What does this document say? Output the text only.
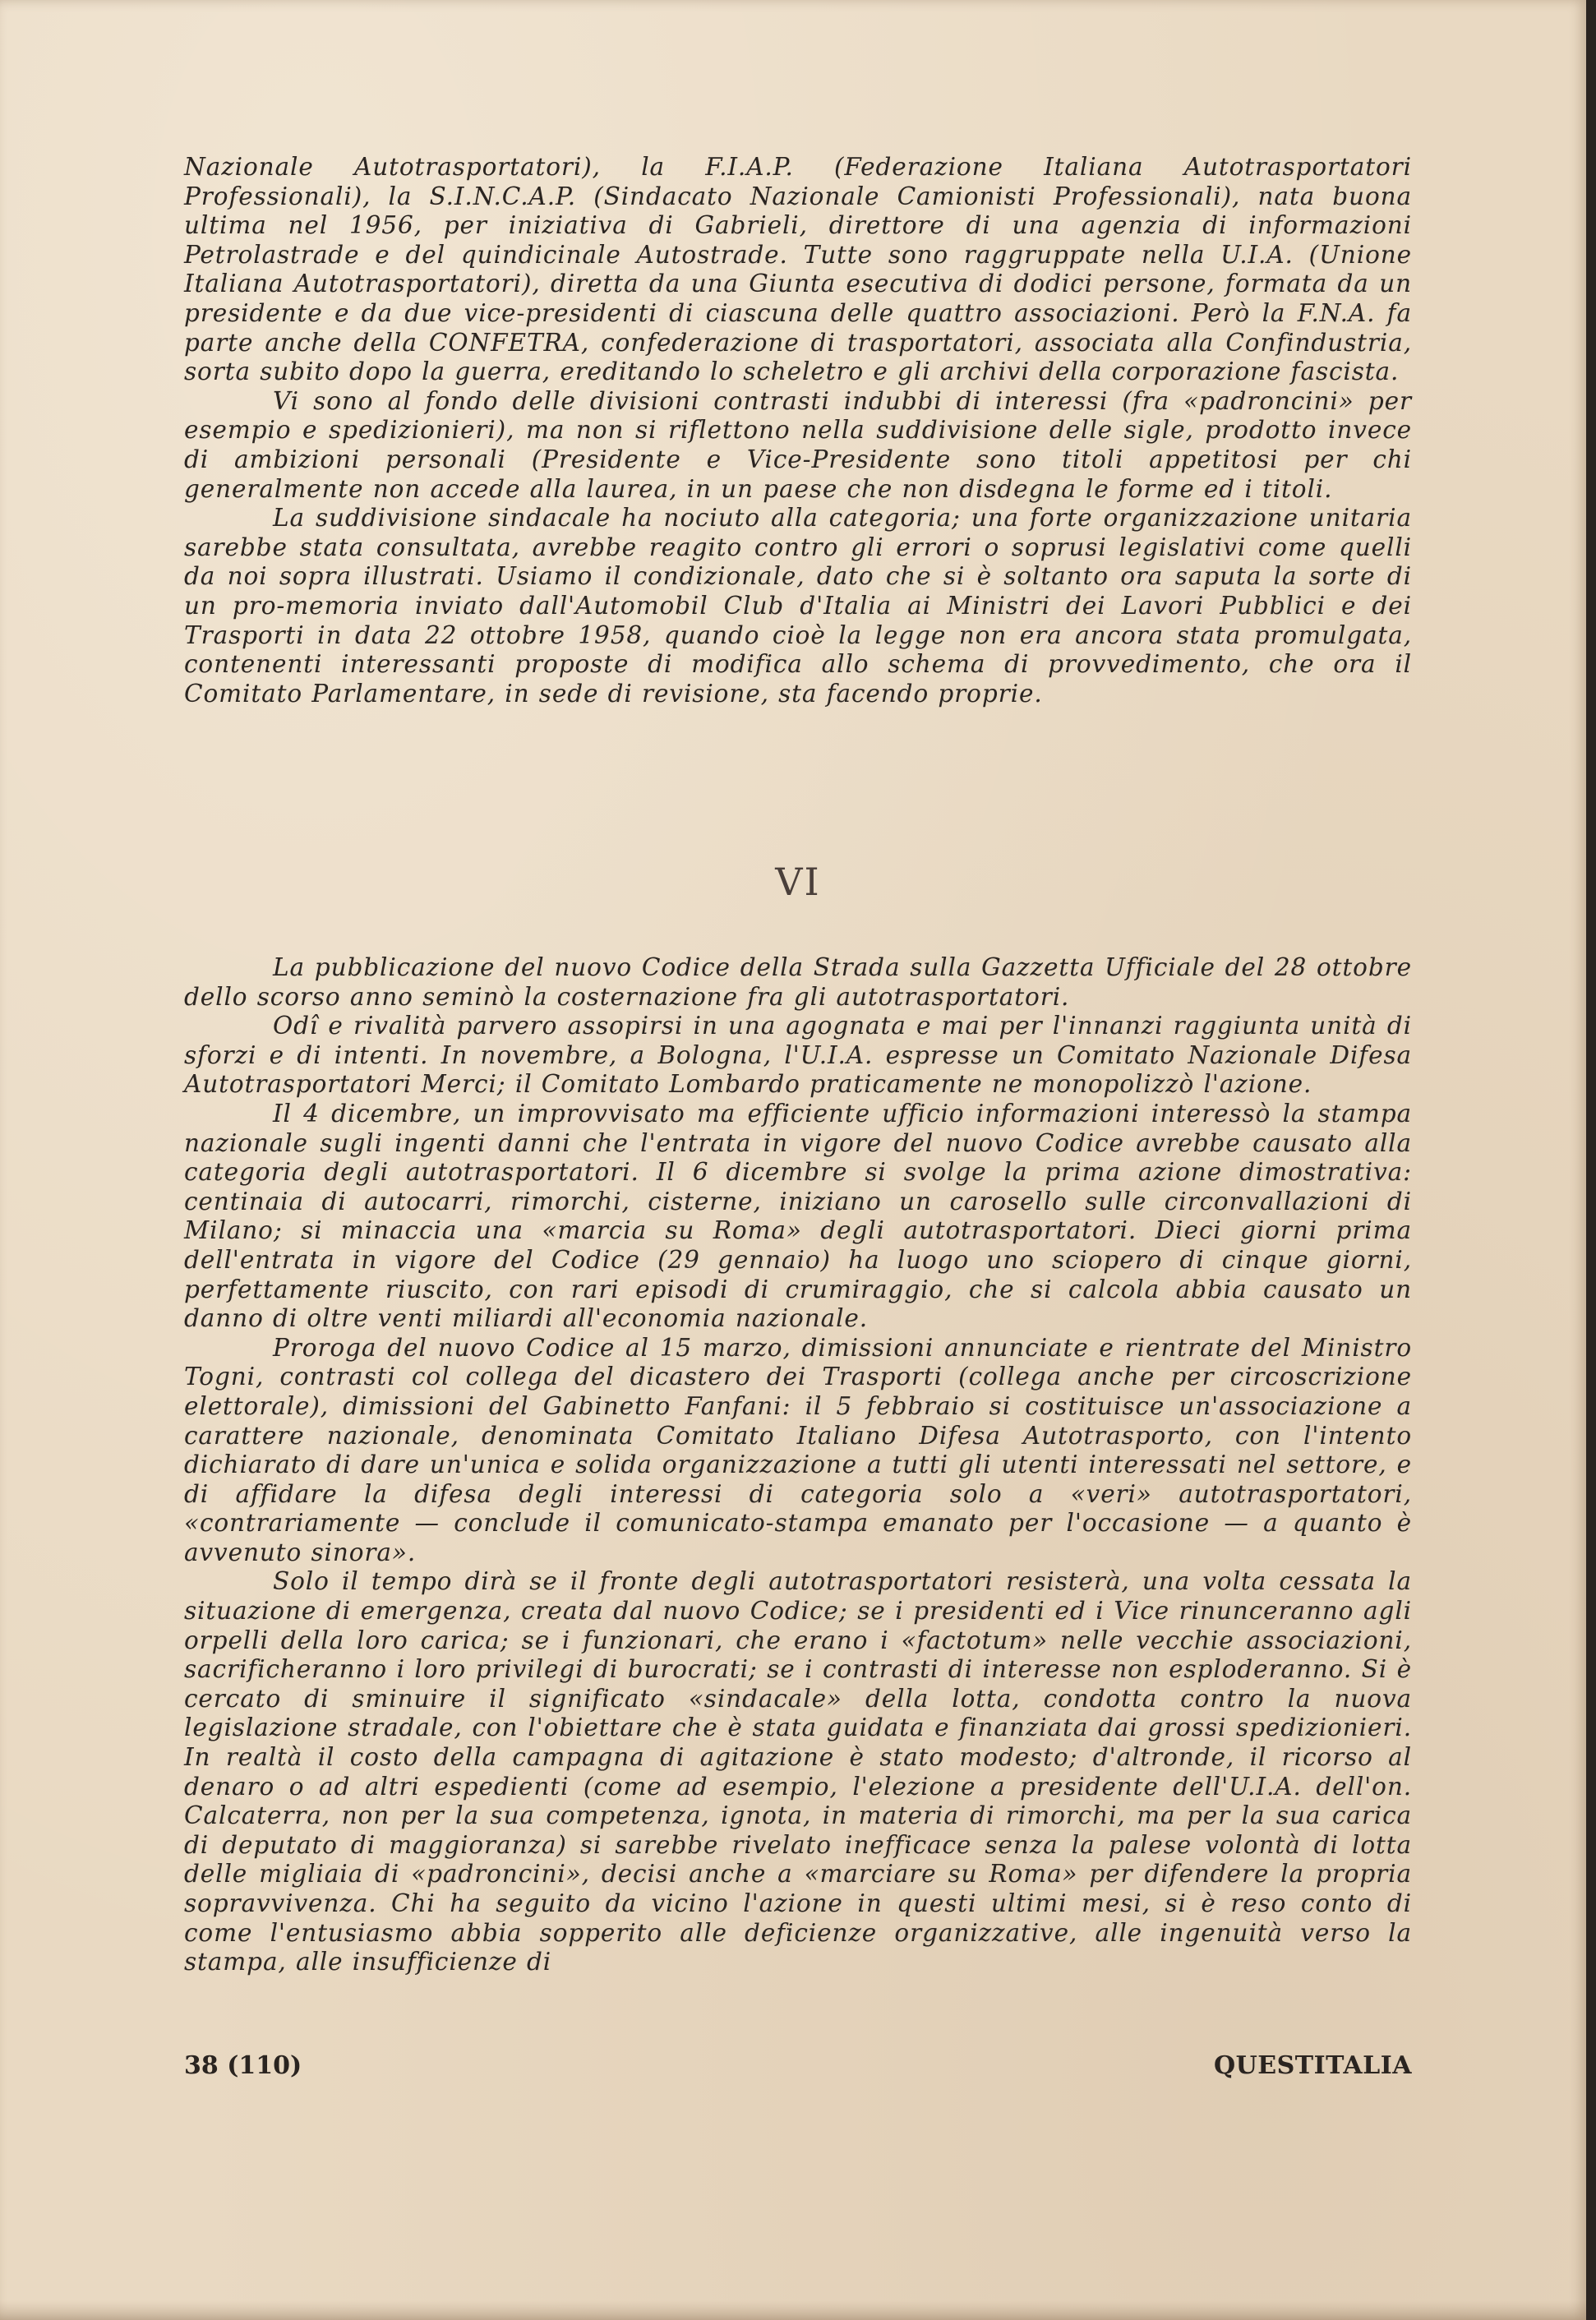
Nazionale Autotrasportatori), la F.I.A.P. (Federazione Italiana Autotrasportatori Professionali), la S.I.N.C.A.P. (Sindacato Nazionale Camionisti Professionali), nata buona ultima nel 1956, per iniziativa di Gabrieli, direttore di una agenzia di informazioni Petrolastrade e del quindicinale Autostrade. Tutte sono raggruppate nella U.I.A. (Unione Italiana Autotrasportatori), diretta da una Giunta esecutiva di dodici persone, formata da un presidente e da due vice-presidenti di ciascuna delle quattro associazioni. Però la F.N.A. fa parte anche della CONFETRA, confederazione di trasportatori, associata alla Confindustria, sorta subito dopo la guerra, ereditando lo scheletro e gli archivi della corporazione fascista.

Vi sono al fondo delle divisioni contrasti indubbi di interessi (fra «padroncini» per esempio e spedizionieri), ma non si riflettono nella suddivisione delle sigle, prodotto invece di ambizioni personali (Presidente e Vice-Presidente sono titoli appetitosi per chi generalmente non accede alla laurea, in un paese che non disdegna le forme ed i titoli.

La suddivisione sindacale ha nociuto alla categoria; una forte organizzazione unitaria sarebbe stata consultata, avrebbe reagito contro gli errori o soprusi legislativi come quelli da noi sopra illustrati. Usiamo il condizionale, dato che si è soltanto ora saputa la sorte di un pro-memoria inviato dall'Automobil Club d'Italia ai Ministri dei Lavori Pubblici e dei Trasporti in data 22 ottobre 1958, quando cioè la legge non era ancora stata promulgata, contenenti interessanti proposte di modifica allo schema di provvedimento, che ora il Comitato Parlamentare, in sede di revisione, sta facendo proprie.

VI

La pubblicazione del nuovo Codice della Strada sulla Gazzetta Ufficiale del 28 ottobre dello scorso anno seminò la costernazione fra gli autotrasportatori.

Odî e rivalità parvero assopirsi in una agognata e mai per l'innanzi raggiunta unità di sforzi e di intenti. In novembre, a Bologna, l'U.I.A. espresse un Comitato Nazionale Difesa Autotrasportatori Merci; il Comitato Lombardo praticamente ne monopolizzò l'azione.

Il 4 dicembre, un improvvisato ma efficiente ufficio informazioni interessò la stampa nazionale sugli ingenti danni che l'entrata in vigore del nuovo Codice avrebbe causato alla categoria degli autotrasportatori. Il 6 dicembre si svolge la prima azione dimostrativa: centinaia di autocarri, rimorchi, cisterne, iniziano un carosello sulle circonvallazioni di Milano; si minaccia una «marcia su Roma» degli autotrasportatori. Dieci giorni prima dell'entrata in vigore del Codice (29 gennaio) ha luogo uno sciopero di cinque giorni, perfettamente riuscito, con rari episodi di crumiraggio, che si calcola abbia causato un danno di oltre venti miliardi all'economia nazionale.

Proroga del nuovo Codice al 15 marzo, dimissioni annunciate e rientrate del Ministro Togni, contrasti col collega del dicastero dei Trasporti (collega anche per circoscrizione elettorale), dimissioni del Gabinetto Fanfani: il 5 febbraio si costituisce un'associazione a carattere nazionale, denominata Comitato Italiano Difesa Autotrasporto, con l'intento dichiarato di dare un'unica e solida organizzazione a tutti gli utenti interessati nel settore, e di affidare la difesa degli interessi di categoria solo a «veri» autotrasportatori, «contrariamente — conclude il comunicato-stampa emanato per l'occasione — a quanto è avvenuto sinora».

Solo il tempo dirà se il fronte degli autotrasportatori resisterà, una volta cessata la situazione di emergenza, creata dal nuovo Codice; se i presidenti ed i Vice rinunceranno agli orpelli della loro carica; se i funzionari, che erano i «factotum» nelle vecchie associazioni, sacrificheranno i loro privilegi di burocrati; se i contrasti di interesse non esploderanno. Si è cercato di sminuire il significato «sindacale» della lotta, condotta contro la nuova legislazione stradale, con l'obiettare che è stata guidata e finanziata dai grossi spedizionieri. In realtà il costo della campagna di agitazione è stato modesto; d'altronde, il ricorso al denaro o ad altri espedienti (come ad esempio, l'elezione a presidente dell'U.I.A. dell'on. Calcaterra, non per la sua competenza, ignota, in materia di rimorchi, ma per la sua carica di deputato di maggioranza) si sarebbe rivelato inefficace senza la palese volontà di lotta delle migliaia di «padroncini», decisi anche a «marciare su Roma» per difendere la propria sopravvivenza. Chi ha seguito da vicino l'azione in questi ultimi mesi, si è reso conto di come l'entusiasmo abbia sopperito alle deficienze organizzative, alle ingenuità verso la stampa, alle insufficienze di

38 (110)	QUESTITALIA
